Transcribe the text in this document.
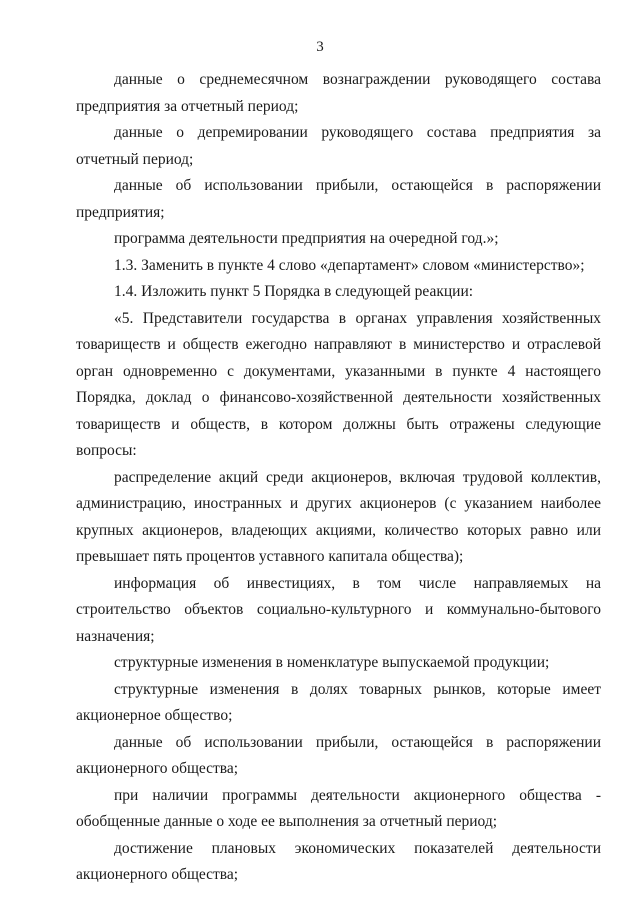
3

данные о среднемесячном вознаграждении руководящего состава предприятия за отчетный период;

данные о депремировании руководящего состава предприятия за отчетный период;

данные об использовании прибыли, остающейся в распоряжении предприятия;

программа деятельности предприятия на очередной год.»;

1.3. Заменить в пункте 4 слово «департамент» словом «министерство»;

1.4. Изложить пункт 5 Порядка в следующей реакции:

«5. Представители государства в органах управления хозяйственных товариществ и обществ ежегодно направляют в министерство и отраслевой орган одновременно с документами, указанными в пункте 4 настоящего Порядка, доклад о финансово-хозяйственной деятельности хозяйственных товариществ и обществ, в котором должны быть отражены следующие вопросы:

распределение акций среди акционеров, включая трудовой коллектив, администрацию, иностранных и других акционеров (с указанием наиболее крупных акционеров, владеющих акциями, количество которых равно или превышает пять процентов уставного капитала общества);

информация об инвестициях, в том числе направляемых на строительство объектов социально-культурного и коммунально-бытового назначения;

структурные изменения в номенклатуре выпускаемой продукции;

структурные изменения в долях товарных рынков, которые имеет акционерное общество;

данные об использовании прибыли, остающейся в распоряжении акционерного общества;

при наличии программы деятельности акционерного общества - обобщенные данные о ходе ее выполнения за отчетный период;

достижение плановых экономических показателей деятельности акционерного общества;
